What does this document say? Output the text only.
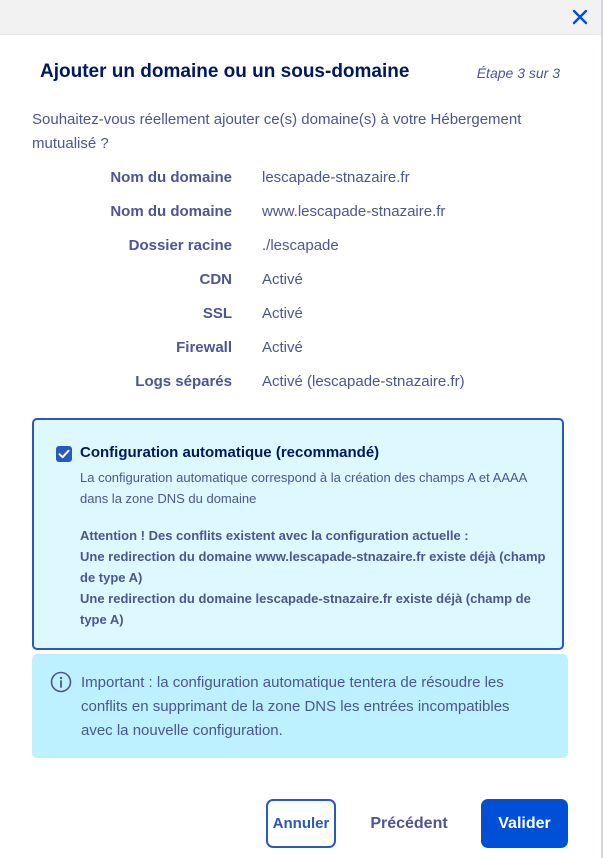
Ajouter un domaine ou un sous-domaine	Étape 3 sur 3

Souhaitez-vous réellement ajouter ce(s) domaine(s) à votre Hébergement mutualisé ?

Nom du domaine lescapade-stnazaire.fr
Nom du domaine www.lescapade-stnazaire.fr
Dossier racine ./lescapade
CDN Activé
SSL Activé
Firewall Activé
Logs séparés Activé (lescapade-stnazaire.fr)
Configuration automatique (recommandé)
La configuration automatique correspond à la création des champs A et AAAA dans la zone DNS du domaine
Attention ! Des conflits existent avec la configuration actuelle :
Une redirection du domaine www.lescapade-stnazaire.fr existe déjà (champ de type A)
Une redirection du domaine lescapade-stnazaire.fr existe déjà (champ de type A)
Important : la configuration automatique tentera de résoudre les conflits en supprimant de la zone DNS les entrées incompatibles avec la nouvelle configuration.
Annuler	Précédent	Valider
